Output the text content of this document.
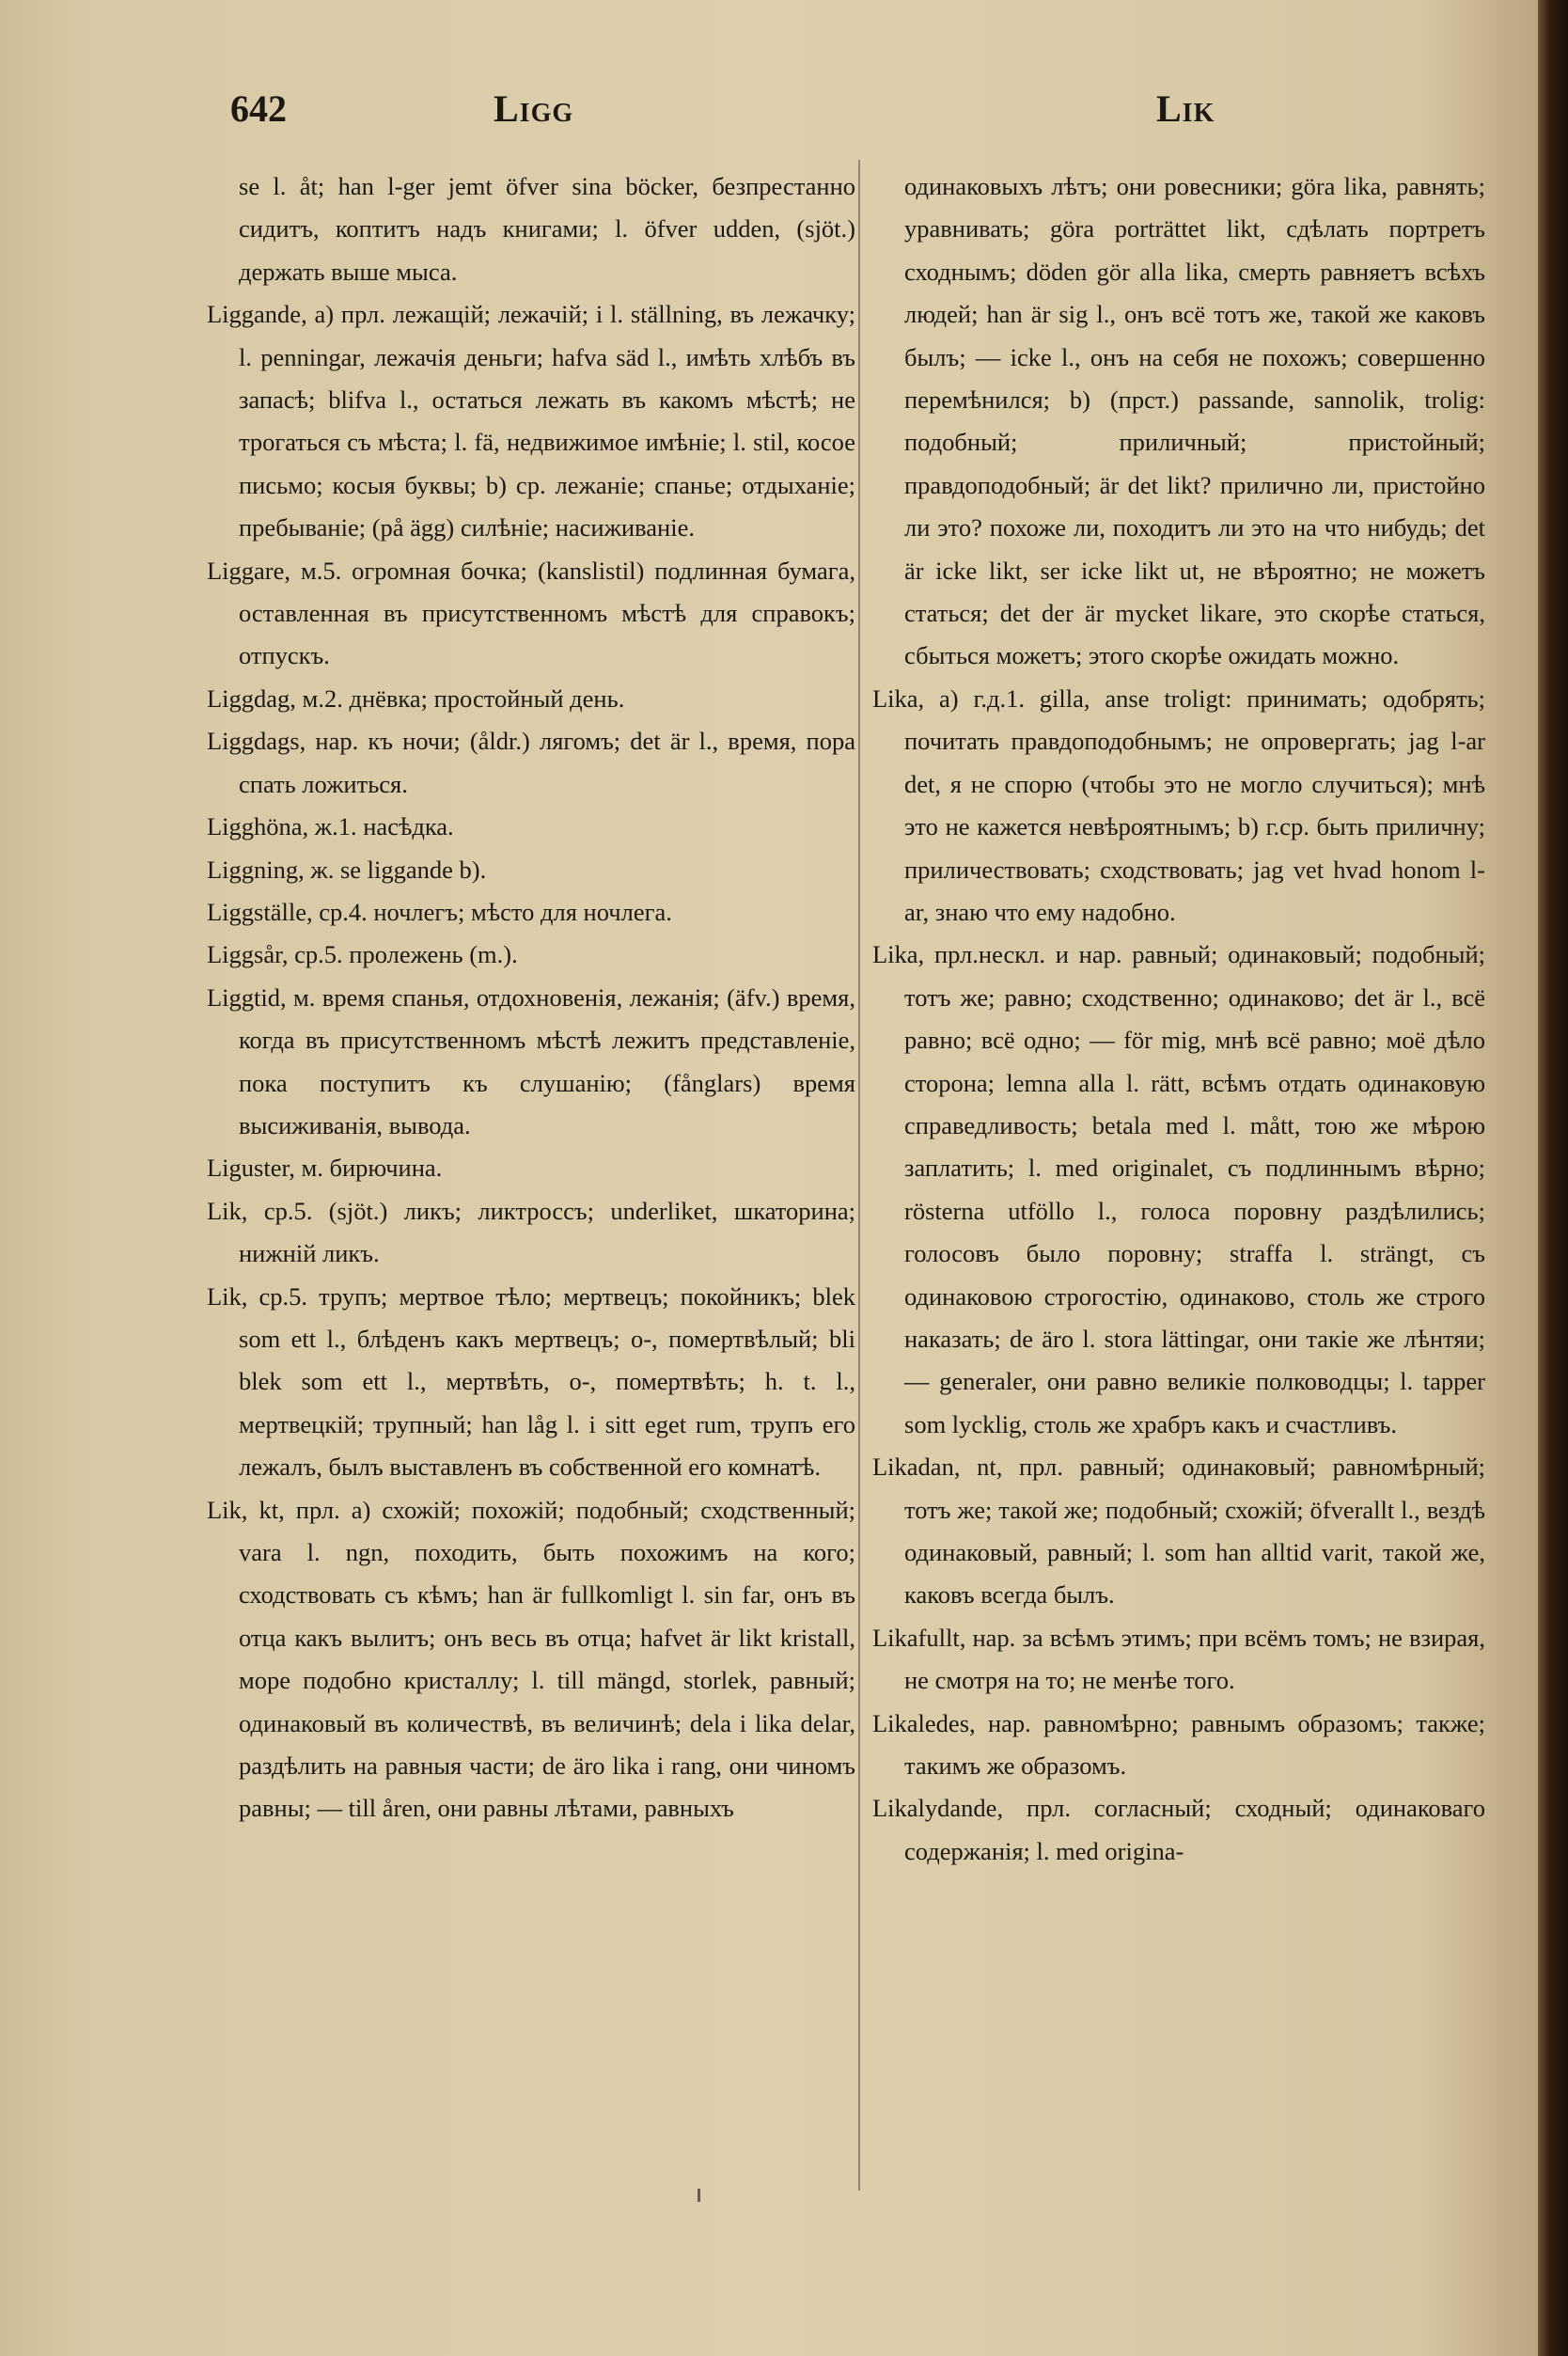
642	Ligg	Lik
se l. åt; han l-ger jemt öfver sina böcker, безпрестанно сидитъ, коптитъ надъ книгами; l. öfver udden, (sjöt.) держать выше мыса.
Liggande, a) прл. лежащій; лежачій; i l. ställning, въ лежачку; l. penningar, лежачія деньги; hafva säd l., имѣть хлѣбъ въ запасѣ; blifva l., остаться лежать въ какомъ мѣстѣ; не трогаться съ мѣста; l. fä, недвижимое имѣніе; l. stil, косое письмо; косыя буквы; b) ср. лежаніе; спанье; отдыханіе; пребываніе; (på ägg) силѣніе; насиживаніе.
Liggare, м.5. огромная бочка; (kanslistil) подлинная бумага, оставленная въ присутственномъ мѣстѣ для справокъ; отпускъ.
Liggdag, м.2. днёвка; простойный день.
Liggdags, нар. къ ночи; (åldr.) лягомъ; det är l., время, пора спать ложиться.
Ligghöna, ж.1. насѣдка.
Liggning, ж. se liggande b).
Liggställe, ср.4. ночлегъ; мѣсто для ночлега.
Liggsår, ср.5. пролежень (m.).
Liggtid, м. время спанья, отдохновенія, лежанія; (äfv.) время, когда въ присутственномъ мѣстѣ лежитъ представленіе, пока поступитъ къ слушанію; (fånglars) время высиживанія, вывода.
Liguster, м. бирючина.
Lik, ср.5. (sjöt.) ликъ; ликтроссъ; underliket, шкаторина; нижній ликъ.
Lik, ср.5. трупъ; мертвое тѣло; мертвецъ; покойникъ; blek som ett l., блѣденъ какъ мертвецъ; о-, помертвѣлый; bli blek som ett l., мертвѣть, о-, помертвѣть; h. t. l., мертвецкій; трупный; han låg l. i sitt eget rum, трупъ его лежалъ, былъ выставленъ въ собственной его комнатѣ.
Lik, kt, прл. a) схожій; похожій; подобный; сходственный; vara l. ngn, походить, быть похожимъ на кого; сходствовать съ кѣмъ; han är fullkomligt l. sin far, онъ въ отца какъ вылитъ; онъ весь въ отца; hafvet är likt kristall, море подобно кристаллу; l. till mängd, storlek, равный; одинаковый въ количествѣ, въ величинѣ; dela i lika delar, раздѣлить на равныя части; de äro lika i rang, они чиномъ равны; — till åren, они равны лѣтами, равныхъ
одинаковыхъ лѣтъ; они ровесники; göra lika, равнять; уравнивать; göra porträttet likt, сдѣлать портретъ сходнымъ; döden gör alla lika, смерть равняетъ всѣхъ людей; han är sig l., онъ всё тотъ же, такой же каковъ былъ; — icke l., онъ на себя не похожъ; совершенно перемѣнился; b) (прст.) passande, sannolik, trolig: подобный; приличный; пристойный; правдоподобный; är det likt? прилично ли, пристойно ли это? похоже ли, походитъ ли это на что нибудь; det är icke likt, ser icke likt ut, не вѣроятно; не можетъ статься; det der är mycket likare, это скорѣе статься, сбыться можетъ; этого скорѣе ожидать можно.
Lika, a) г.д.1. gilla, anse troligt: принимать; одобрять; почитать правдоподобнымъ; не опровергать; jag l-ar det, я не спорю (чтобы это не могло случиться); мнѣ это не кажется невѣроятнымъ; b) г.ср. быть приличну; приличествовать; сходствовать; jag vet hvad honom l-ar, знаю что ему надобно.
Lika, прл.нескл. и нар. равный; одинаковый; подобный; тотъ же; равно; сходственно; одинаково; det är l., всё равно; всё одно; — för mig, мнѣ всё равно; моё дѣло сторона; lemna alla l. rätt, всѣмъ отдать одинаковую справедливость; betala med l. mått, тою же мѣрою заплатить; l. med originalet, съ подлиннымъ вѣрно; rösterna utföllo l., голоса поровну раздѣлились; голосовъ было поровну; straffa l. strängt, съ одинаковою строгостію, одинаково, столь же строго наказать; de äro l. stora lättingar, они такіе же лѣнтяи; — generaler, они равно великіе полководцы; l. tapper som lycklig, столь же храбръ какъ и счастливъ.
Likadan, nt, прл. равный; одинаковый; равномѣрный; тотъ же; такой же; подобный; схожій; öfverallt l., вездѣ одинаковый, равный; l. som han alltid varit, такой же, каковъ всегда былъ.
Likafullt, нар. за всѣмъ этимъ; при всёмъ томъ; не взирая, не смотря на то; не менѣе того.
Likaledes, нар. равномѣрно; равнымъ образомъ; также; такимъ же образомъ.
Likalydande, прл. согласный; сходный; одинаковаго содержанія; l. med origina-
